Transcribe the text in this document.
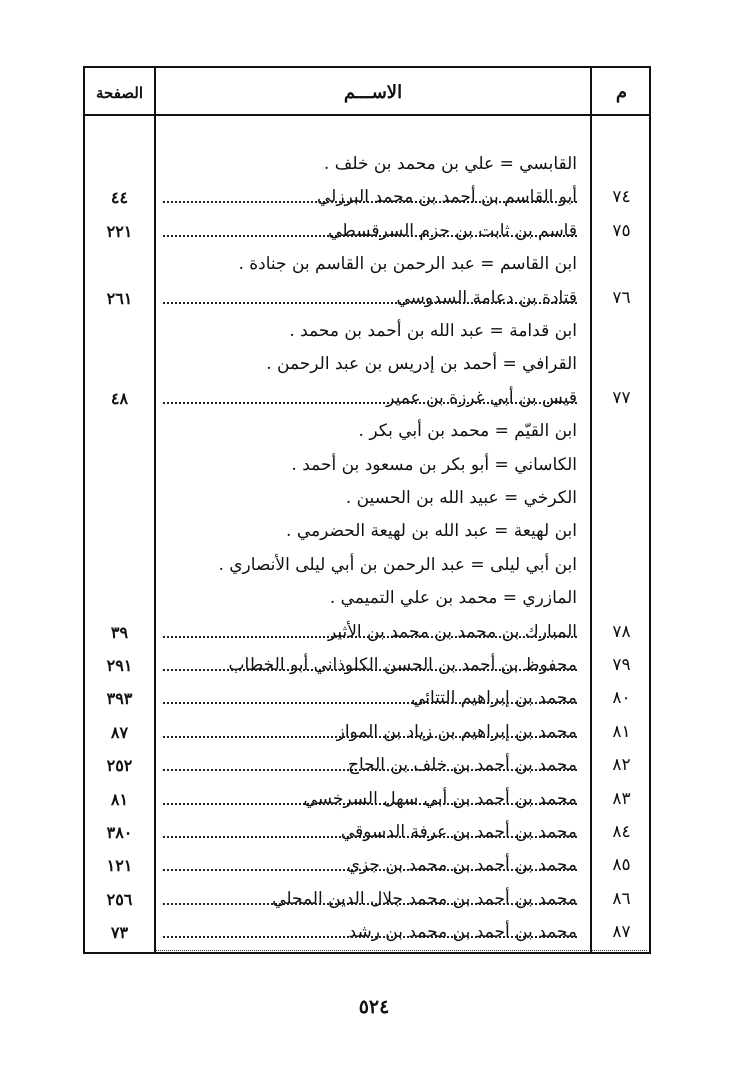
الصفحة	الاســـم	م
القابسي = علي بن محمد بن خلف .
٧٤
أبو القاسم بن أحمد بن محمد البرزلي
٤٤
٧٥
قاسم بن ثابت بن حزم السرقسطي
٢٢١
ابن القاسم = عبد الرحمن بن القاسم بن جنادة .
٧٦
قتادة بن دعامة السدوسي
٢٦١
ابن قدامة = عبد الله بن أحمد بن محمد .
القرافي = أحمد بن إدريس بن عبد الرحمن .
٧٧
قيس بن أبي غرزة بن عمير
٤٨
ابن القيّم = محمد بن أبي بكر .
الكاساني = أبو بكر بن مسعود بن أحمد .
الكرخي = عبيد الله بن الحسين .
ابن لهيعة = عبد الله بن لهيعة الحضرمي .
ابن أبي ليلى = عبد الرحمن بن أبي ليلى الأنصاري .
المازري = محمد بن علي التميمي .
٧٨
المبارك بن محمد بن محمد بن الأثير
٣٩
٧٩
محفوظ بن أحمد بن الحسن الكلوذاني أبو الخطاب
٢٩١
٨٠
محمد بن إبراهيم التتائي
٣٩٣
٨١
محمد بن إبراهيم بن زياد بن المواز
٨٧
٨٢
محمد بن أحمد بن خلف بن الحاج
٢٥٢
٨٣
محمد بن أحمد بن أبي سهل السرخسي
٨١
٨٤
محمد بن أحمد بن عرفة الدسوقي
٣٨٠
٨٥
محمد بن أحمد بن محمد بن جزي
١٢١
٨٦
محمد بن أحمد بن محمد جلال الدين المحلي
٢٥٦
٨٧
محمد بن أحمد بن محمد بن رشد
٧٣
٥٢٤
